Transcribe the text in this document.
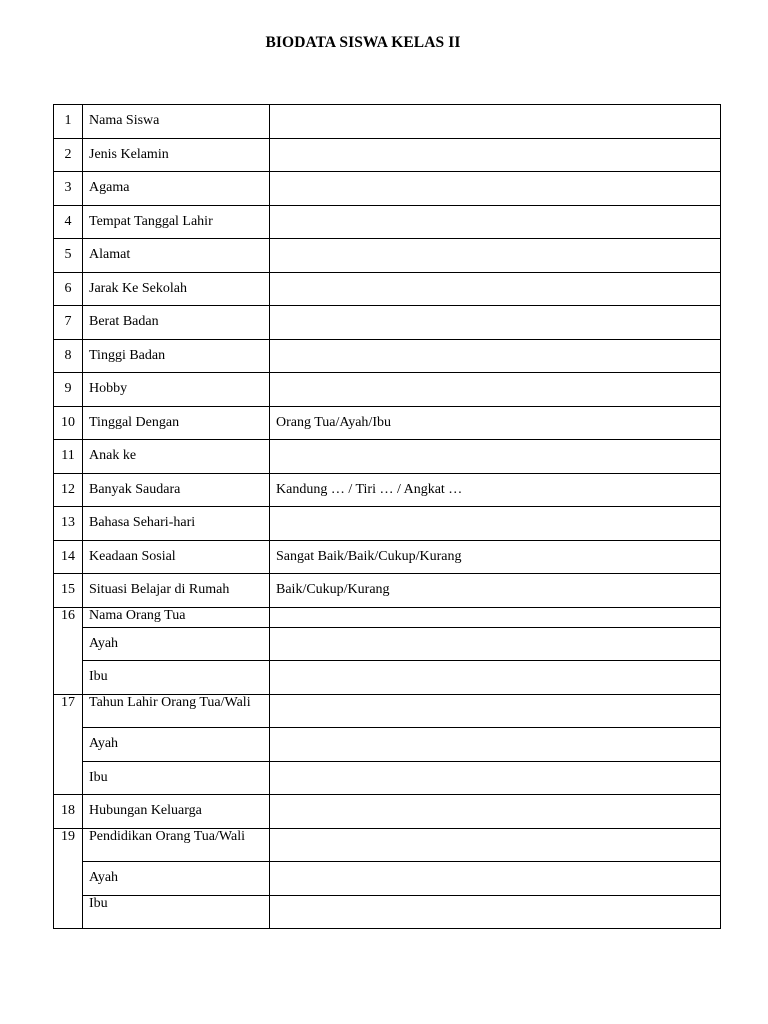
BIODATA SISWA KELAS II
1	Nama Siswa	
2	Jenis Kelamin	
3	Agama	
4	Tempat Tanggal Lahir	
5	Alamat	
6	Jarak Ke Sekolah	
7	Berat Badan	
8	Tinggi Badan	
9	Hobby	
10	Tinggal Dengan	Orang Tua/Ayah/Ibu
11	Anak ke	
12	Banyak Saudara	Kandung … / Tiri … / Angkat …
13	Bahasa Sehari-hari	
14	Keadaan Sosial	Sangat Baik/Baik/Cukup/Kurang
15	Situasi Belajar di Rumah	Baik/Cukup/Kurang
16	Nama Orang Tua	
	Ayah	
	Ibu	
17	Tahun Lahir Orang Tua/Wali	
	Ayah	
	Ibu	
18	Hubungan Keluarga	
19	Pendidikan Orang Tua/Wali	
	Ayah	
	Ibu	
